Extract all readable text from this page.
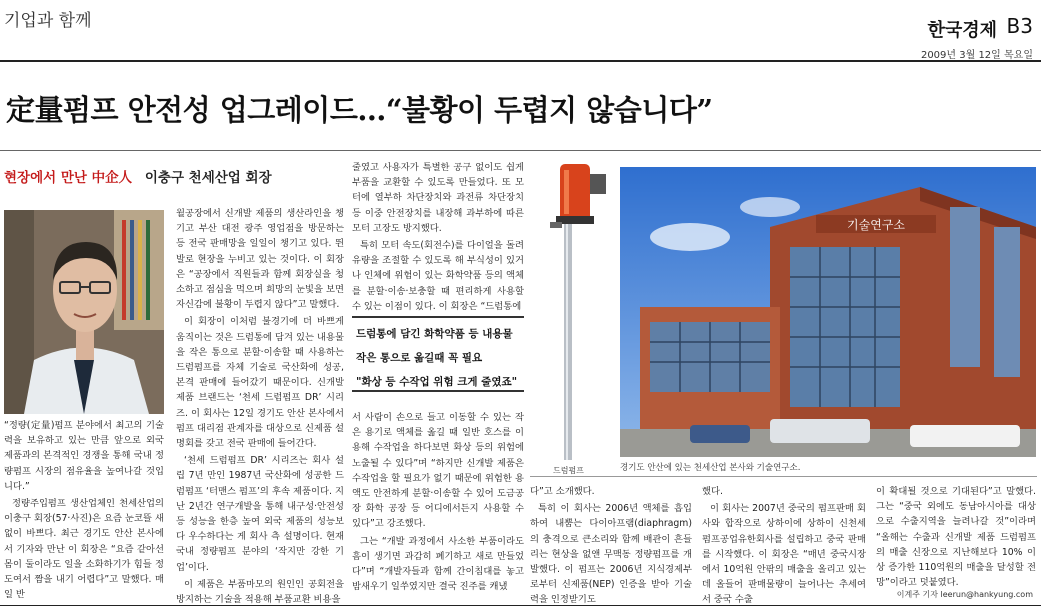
기업과 함께	한국경제 B3
2009년 3월 12일 목요일
定量펌프 안전성 업그레이드…“불황이 두렵지 않습니다”
현장에서 만난 中企人 이충구 천세산업 회장

“정량(定量)펌프 분야에서 최고의 기술력을 보유하고 있는 만큼 앞으로 외국 제품과의 본격적인 경쟁을 통해 국내 정량펌프 시장의 점유율을 높여나갈 것입니다.”

정량주입펌프 생산업체인 천세산업의 이충구 회장(57·사진)은 요즘 눈코뜰 새 없이 바쁘다. 최근 경기도 안산 본사에서 기자와 만난 이 회장은 “요즘 같아선 몸이 둘이라도 일을 소화하기가 힘들 정도여서 짬을 내기 어렵다”고 말했다. 매일 반

월공장에서 신개발 제품의 생산라인을 챙기고 부산 대전 광주 영업점을 방문하는 등 전국 판매망을 일일이 챙기고 있다. 뛴 발로 현장을 누비고 있는 것이다. 이 회장은 “공장에서 직원들과 함께 회장실을 청소하고 점심을 먹으며 희망의 눈빛을 보면 자신감에 불황이 두렵지 않다”고 말했다.

이 회장이 이처럼 불경기에 더 바쁘게 움직이는 것은 드럼통에 담겨 있는 내용물을 작은 통으로 분할·이송할 때 사용하는 드럼펌프를 자체 기술로 국산화에 성공, 본격 판매에 들어갔기 때문이다. 신개발 제품 브랜드는 ‘천세 드럼펌프 DR’ 시리즈. 이 회사는 12일 경기도 안산 본사에서 펌프 대리점 관계자를 대상으로 신제품 설명회를 갖고 전국 판매에 들어간다.

‘천세 드럼펌프 DR’ 시리즈는 회사 설립 7년 만인 1987년 국산화에 성공한 드럼펌프 ‘터맨스 펌프’의 후속 제품이다. 지난 2년간 연구개발을 통해 내구성·안전성 등 성능을 한층 높여 외국 제품의 성능보다 우수하다는 게 회사 측 설명이다. 현재 국내 정량펌프 분야의 ‘작지만 강한 기업’이다.

이 제품은 부품마모의 원인인 공회전을 방지하는 기술을 적용해 부품교환 비용을

줄였고 사용자가 특별한 공구 없이도 쉽게 부품을 교환할 수 있도록 만들었다. 또 모터에 열부하 차단장치와 과전류 차단장치 등 이중 안전장치를 내장해 과부하에 따른 모터 고장도 방지했다.

특히 모터 속도(회전수)를 다이얼을 돌려 유량을 조절할 수 있도록 해 부식성이 있거나 인체에 위험이 있는 화학약품 등의 액체를 분할·이송·보충할 때 편리하게 사용할 수 있는 이점이 있다. 이 회장은 “드럼통에

드럼통에 담긴 화학약품 등 내용물
작은 통으로 옮길때 꼭 필요
"화상 등 수작업 위험 크게 줄였죠"

서 사람이 손으로 들고 이동할 수 있는 작은 용기로 액체를 옮길 때 일반 호스를 이용해 수작업을 하다보면 화상 등의 위험에 노출될 수 있다”며 “하지만 신개발 제품은 수작업을 할 필요가 없기 때문에 위험한 용액도 안전하게 분할·이송할 수 있어 도금공장 화학 공장 등 어디에서든지 사용할 수 있다”고 강조했다.

그는 “개발 과정에서 사소한 부품이라도 흠이 생기면 과감히 폐기하고 새로 만들었다”며 “개발자들과 함께 간이침대를 놓고 밤새우기 일쑤였지만 결국 진주를 캐냈

드럼펌프
기술연구소
경기도 안산에 있는 천세산업 본사와 기술연구소.

다”고 소개했다.

특히 이 회사는 2006년 액체를 흡입하여 내뿜는 다이아프램(diaphragm)의 충격으로 큰소리와 함께 배관이 흔들리는 현상을 없앤 무맥동 정량펌프를 개발했다. 이 펌프는 2006년 지식경제부로부터 신제품(NEP) 인증을 받아 기술력을 인정받기도

했다.

이 회사는 2007년 중국의 펌프판매 회사와 합작으로 상하이에 상하이 신천세 펌프공업유한회사를 설립하고 중국 판매를 시작했다. 이 회장은 “매년 중국시장에서 10억원 안팎의 매출을 올리고 있는데 올들어 판매물량이 늘어나는 추세여서 중국 수출

이 확대될 것으로 기대된다”고 말했다. 그는 “중국 외에도 동남아시아를 대상으로 수출지역을 늘려나갈 것”이라며 “올해는 수출과 신개발 제품 드럼펌프의 매출 신장으로 지난해보다 10% 이상 증가한 110억원의 매출을 달성할 전망”이라고 덧붙였다.

이계주 기자 leerun@hankyung.com
